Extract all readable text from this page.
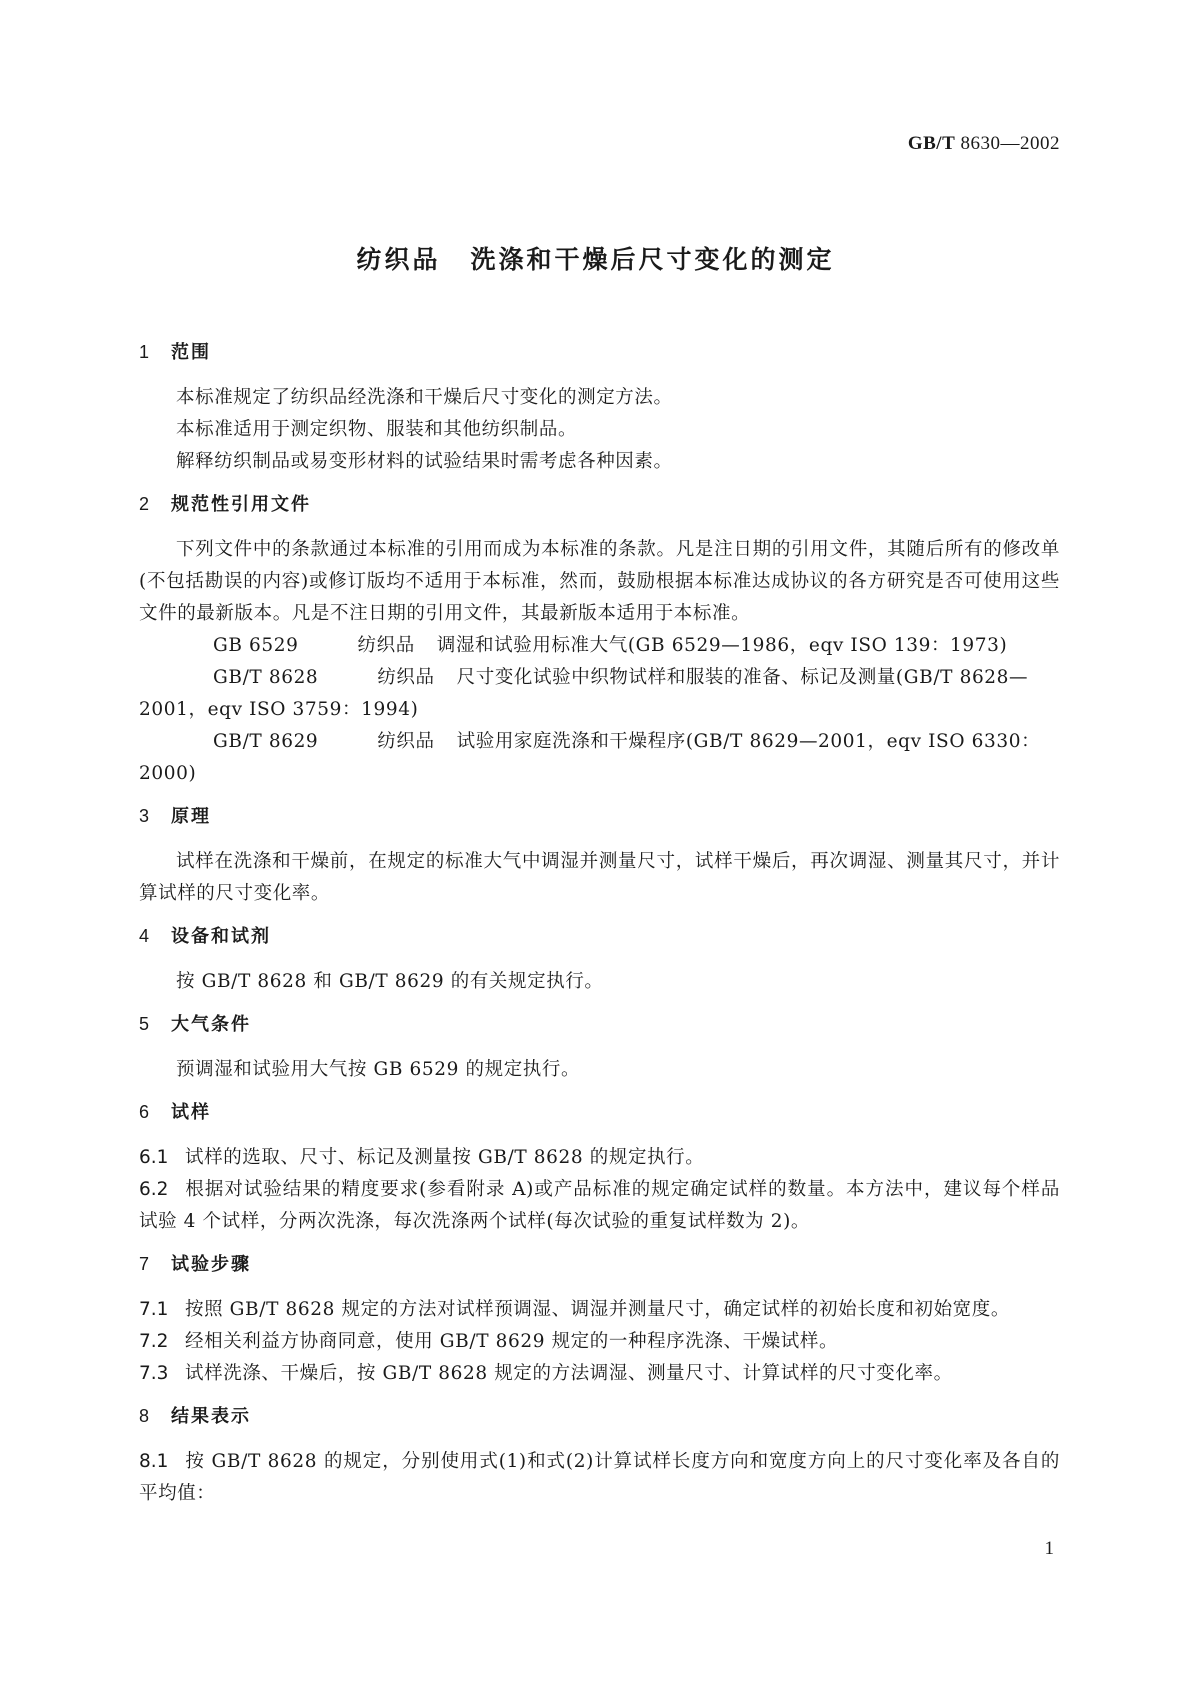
GB/T 8630—2002
纺织品 洗涤和干燥后尺寸变化的测定
1 范围

本标准规定了纺织品经洗涤和干燥后尺寸变化的测定方法。

本标准适用于测定织物、服装和其他纺织制品。

解释纺织制品或易变形材料的试验结果时需考虑各种因素。

2 规范性引用文件

下列文件中的条款通过本标准的引用而成为本标准的条款。凡是注日期的引用文件，其随后所有的修改单(不包括勘误的内容)或修订版均不适用于本标准，然而，鼓励根据本标准达成协议的各方研究是否可使用这些文件的最新版本。凡是不注日期的引用文件，其最新版本适用于本标准。

GB 6529	纺织品 调湿和试验用标准大气(GB 6529—1986，eqv ISO 139：1973)

GB/T 8628	纺织品 尺寸变化试验中织物试样和服装的准备、标记及测量(GB/T 8628—2001，eqv ISO 3759：1994)

GB/T 8629	纺织品 试验用家庭洗涤和干燥程序(GB/T 8629—2001，eqv ISO 6330：2000)

3 原理

试样在洗涤和干燥前，在规定的标准大气中调湿并测量尺寸，试样干燥后，再次调湿、测量其尺寸，并计算试样的尺寸变化率。

4 设备和试剂

按 GB/T 8628 和 GB/T 8629 的有关规定执行。

5 大气条件

预调湿和试验用大气按 GB 6529 的规定执行。

6 试样

6.1 试样的选取、尺寸、标记及测量按 GB/T 8628 的规定执行。

6.2 根据对试验结果的精度要求(参看附录 A)或产品标准的规定确定试样的数量。本方法中，建议每个样品试验 4 个试样，分两次洗涤，每次洗涤两个试样(每次试验的重复试样数为 2)。

7 试验步骤

7.1 按照 GB/T 8628 规定的方法对试样预调湿、调湿并测量尺寸，确定试样的初始长度和初始宽度。

7.2 经相关利益方协商同意，使用 GB/T 8629 规定的一种程序洗涤、干燥试样。

7.3 试样洗涤、干燥后，按 GB/T 8628 规定的方法调湿、测量尺寸、计算试样的尺寸变化率。

8 结果表示

8.1 按 GB/T 8628 的规定，分别使用式(1)和式(2)计算试样长度方向和宽度方向上的尺寸变化率及各自的平均值：

1
